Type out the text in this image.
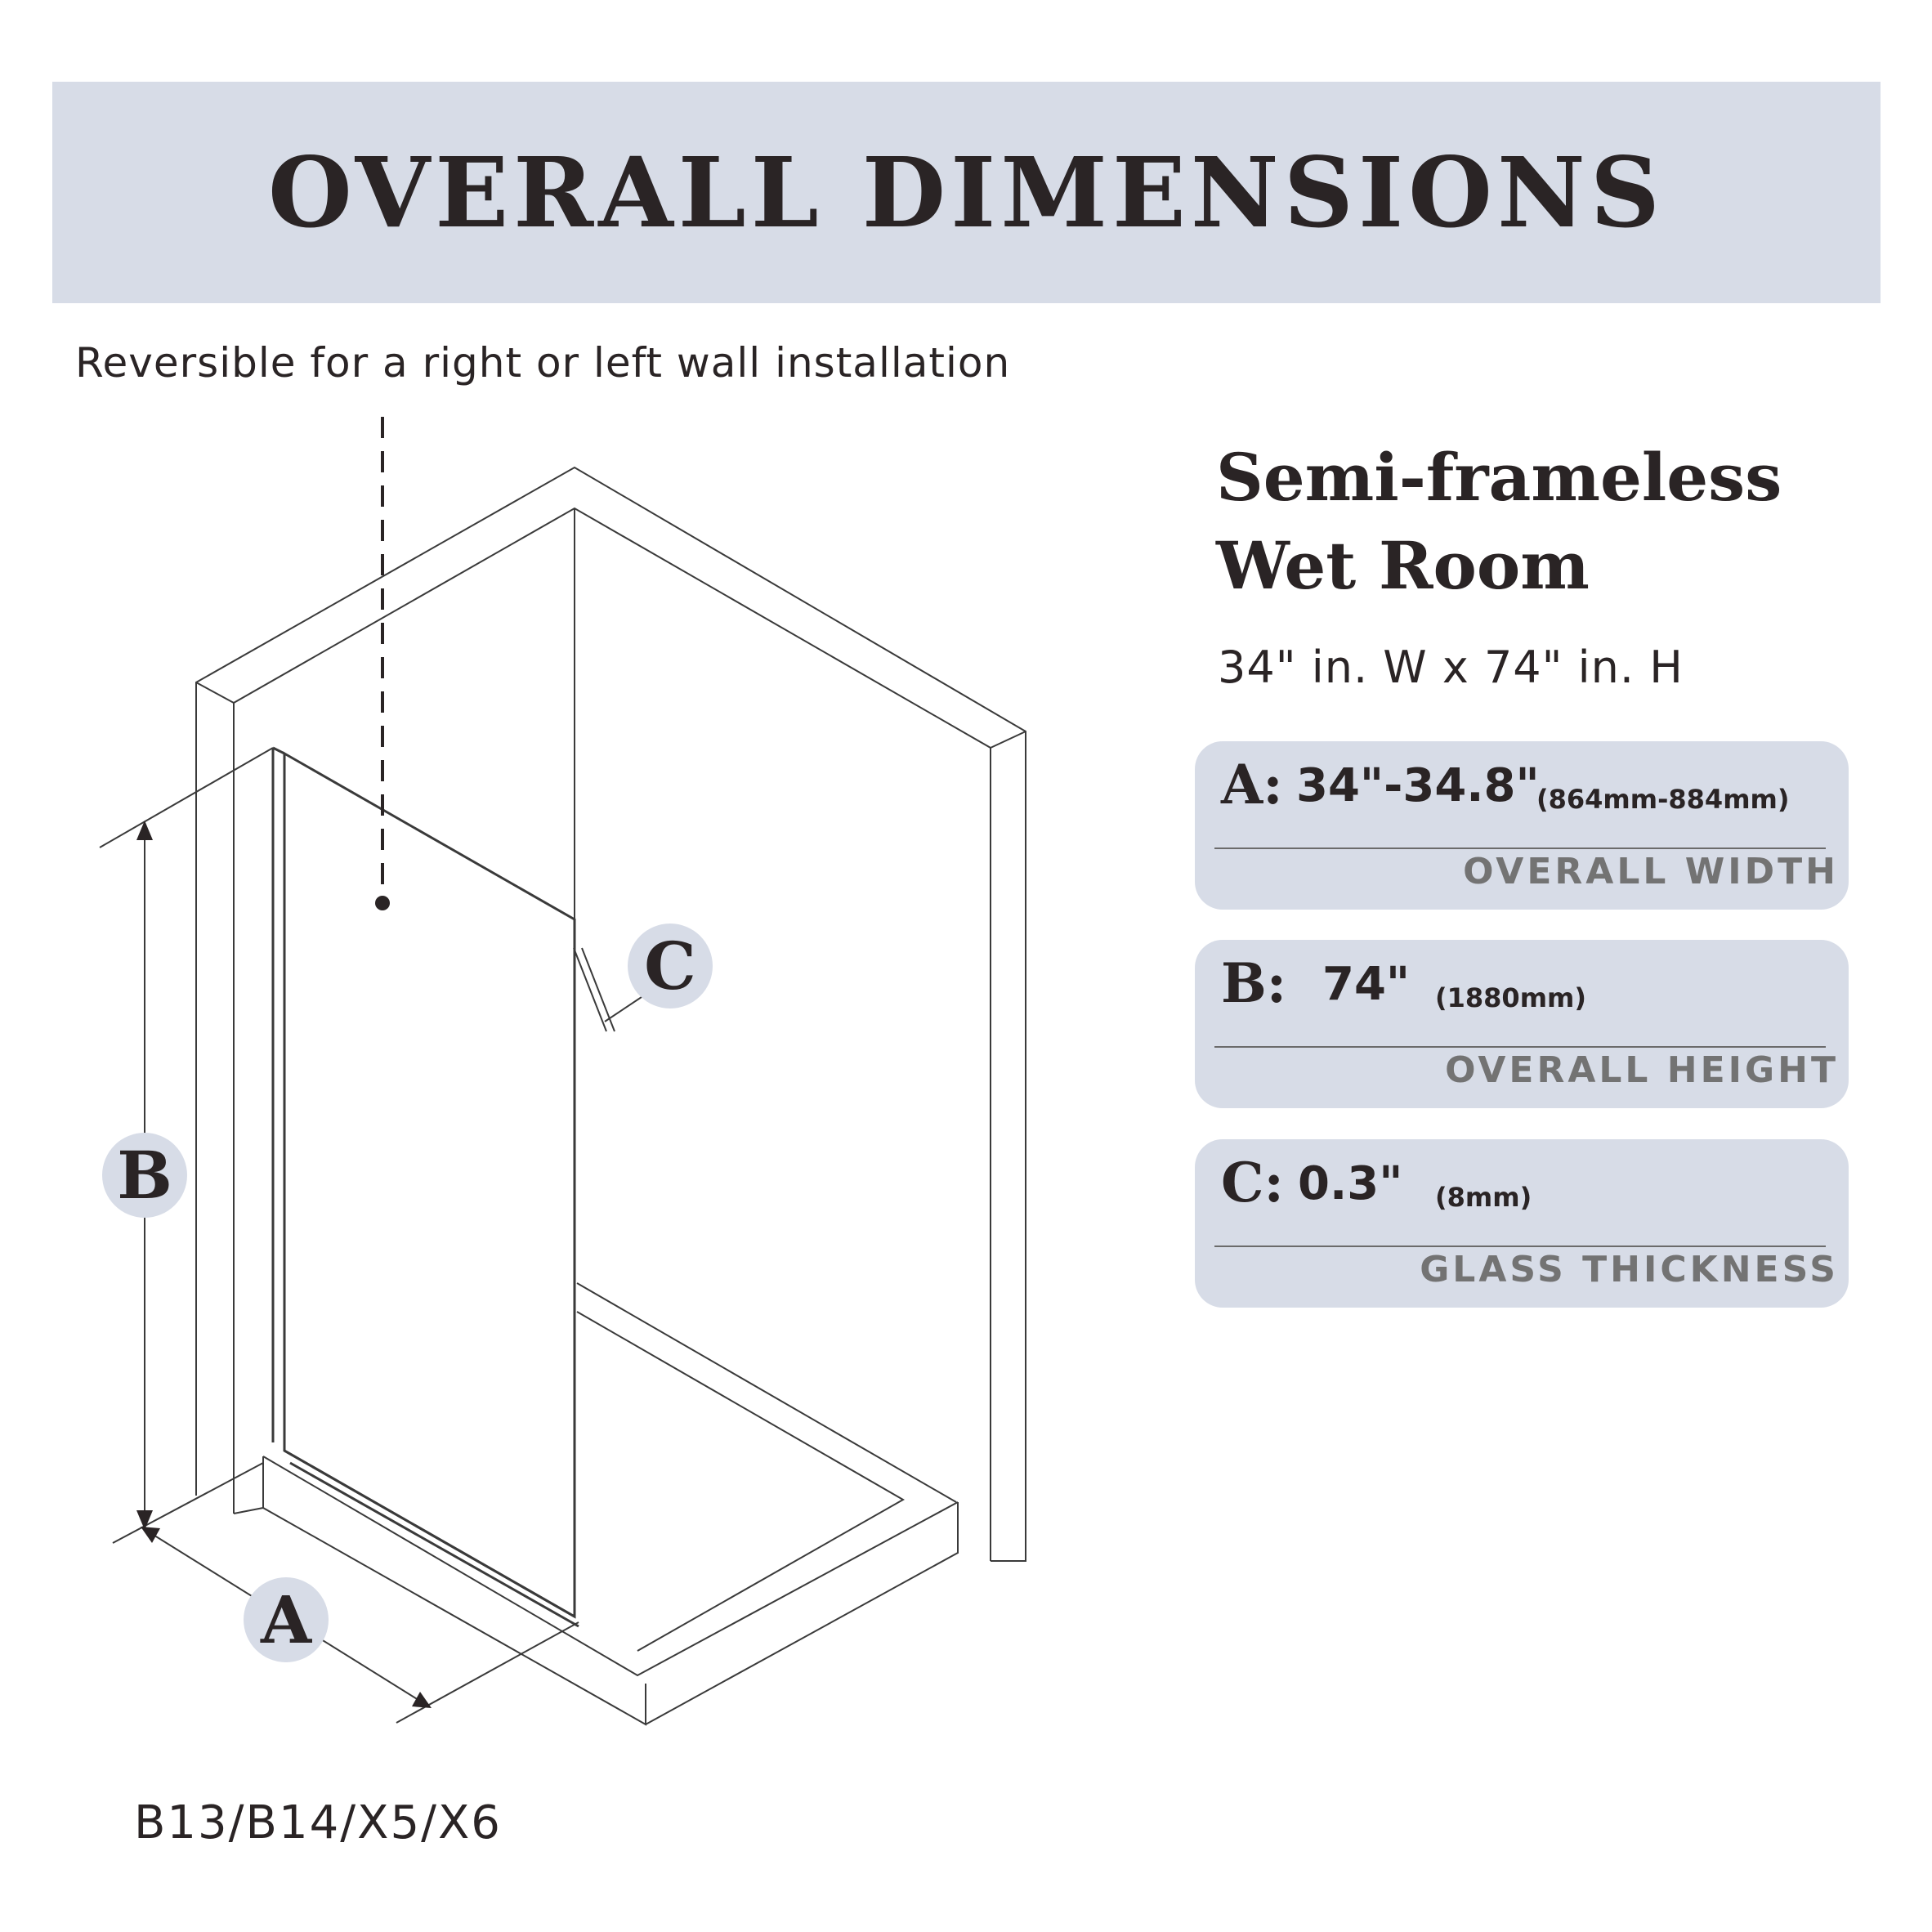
OVERALL DIMENSIONS
Reversible for a right or left wall installation
C
B
A
Semi-frameless
Wet Room
34" in. W x 74" in. H
A: 34"-34.8"
(864mm-884mm)
OVERALL WIDTH
B: 74" (1880mm)
OVERALL HEIGHT
C: 0.3" (8mm)
GLASS THICKNESS
B13/B14/X5/X6
